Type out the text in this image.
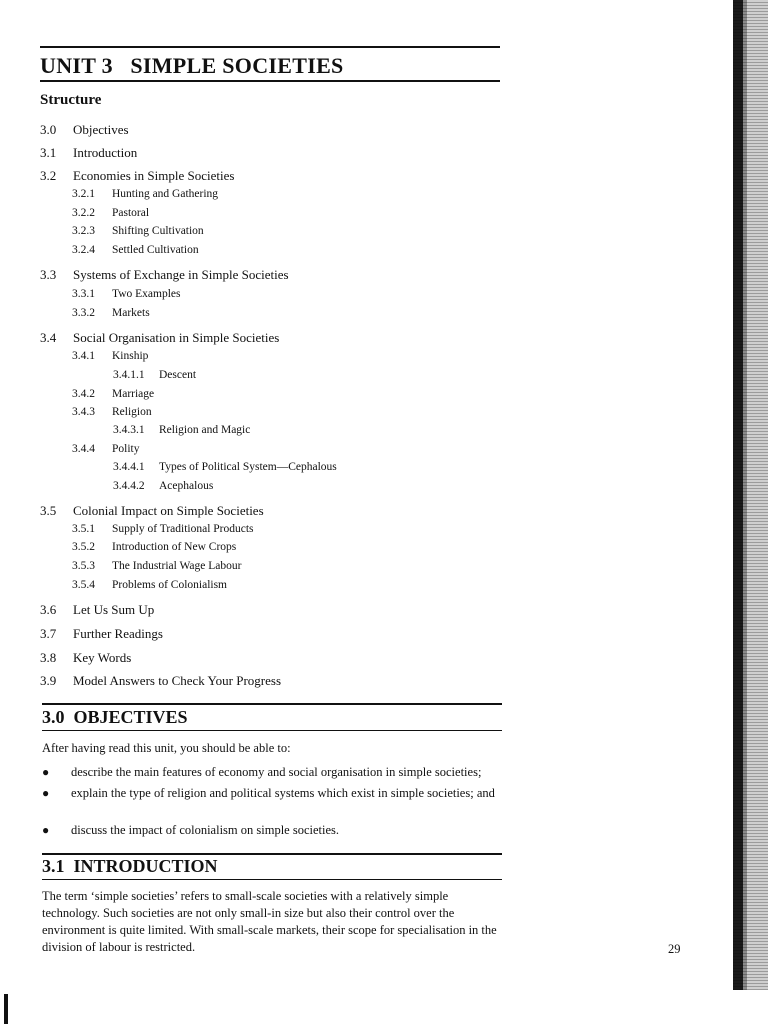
UNIT 3 SIMPLE SOCIETIES
Structure
3.0 Objectives
3.1 Introduction
3.2 Economies in Simple Societies
3.2.1 Hunting and Gathering
3.2.2 Pastoral
3.2.3 Shifting Cultivation
3.2.4 Settled Cultivation
3.3 Systems of Exchange in Simple Societies
3.3.1 Two Examples
3.3.2 Markets
3.4 Social Organisation in Simple Societies
3.4.1 Kinship
3.4.1.1 Descent
3.4.2 Marriage
3.4.3 Religion
3.4.3.1 Religion and Magic
3.4.4 Polity
3.4.4.1 Types of Political System—Cephalous
3.4.4.2 Acephalous
3.5 Colonial Impact on Simple Societies
3.5.1 Supply of Traditional Products
3.5.2 Introduction of New Crops
3.5.3 The Industrial Wage Labour
3.5.4 Problems of Colonialism
3.6 Let Us Sum Up
3.7 Further Readings
3.8 Key Words
3.9 Model Answers to Check Your Progress
3.0 OBJECTIVES
After having read this unit, you should be able to:
● describe the main features of economy and social organisation in simple societies;
● explain the type of religion and political systems which exist in simple societies; and
● discuss the impact of colonialism on simple societies.
3.1 INTRODUCTION
The term ‘simple societies’ refers to small-scale societies with a relatively simple technology. Such societies are not only small-in size but also their control over the environment is quite limited. With small-scale markets, their scope for specialisation in the division of labour is restricted.	29
